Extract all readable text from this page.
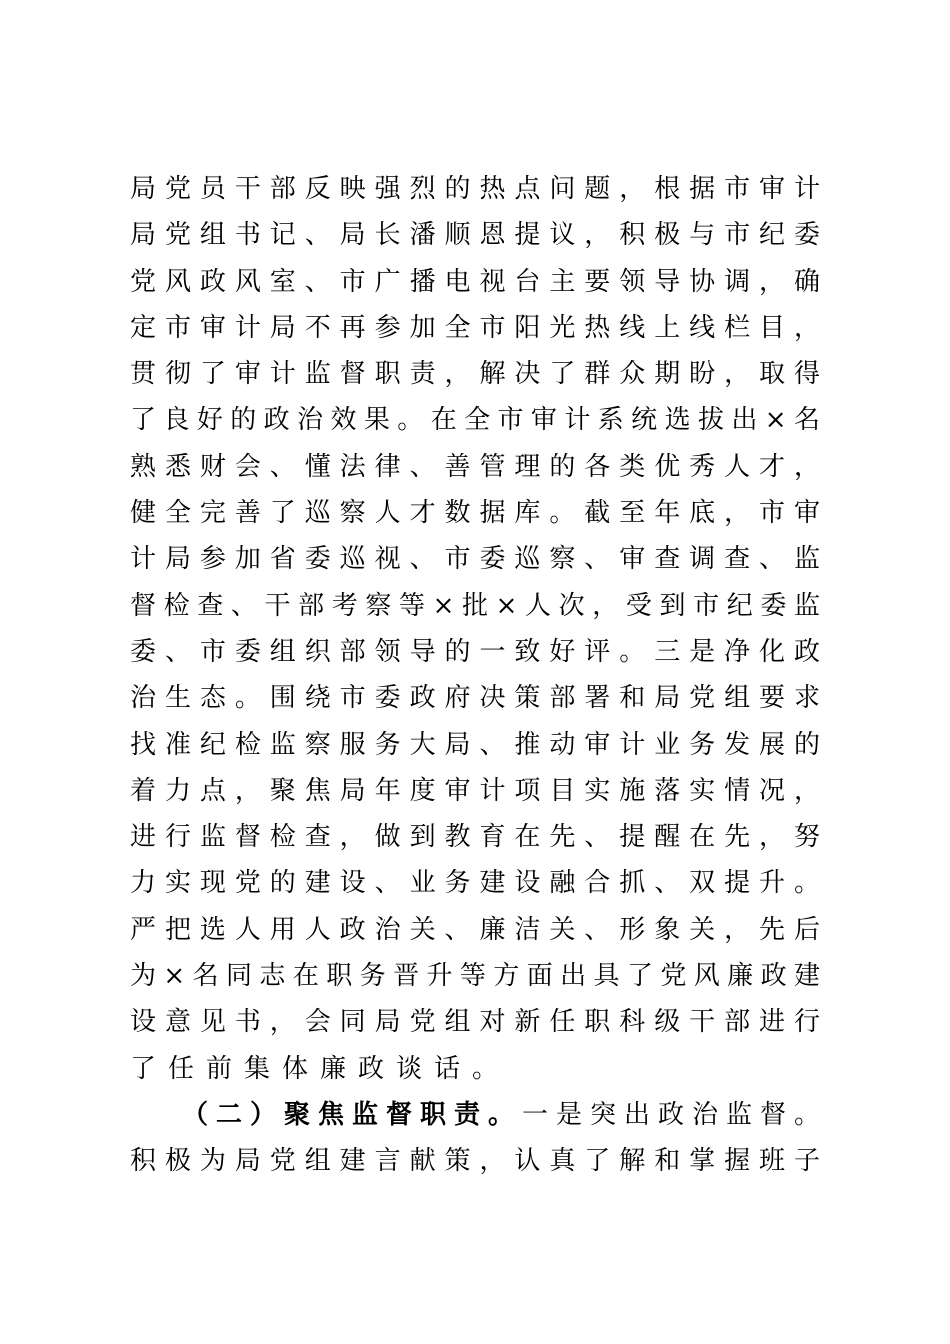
局党员干部反映强烈的热点问题，根据市审计
局党组书记、局长潘顺恩提议，积极与市纪委
党风政风室、市广播电视台主要领导协调，确
定市审计局不再参加全市阳光热线上线栏目，
贯彻了审计监督职责，解决了群众期盼，取得
了良好的政治效果。在全市审计系统选拔出×名
熟悉财会、懂法律、善管理的各类优秀人才，
健全完善了巡察人才数据库。截至年底，市审
计局参加省委巡视、市委巡察、审查调查、监
督检查、干部考察等×批×人次，受到市纪委监
委、市委组织部领导的一致好评。三是净化政
治生态。围绕市委政府决策部署和局党组要求
找准纪检监察服务大局、推动审计业务发展的
着力点，聚焦局年度审计项目实施落实情况，
进行监督检查，做到教育在先、提醒在先，努
力实现党的建设、业务建设融合抓、双提升。
严把选人用人政治关、廉洁关、形象关，先后
为×名同志在职务晋升等方面出具了党风廉政建
设意见书，会同局党组对新任职科级干部进行
了任前集体廉政谈话。
（二）聚焦监督职责。一是突出政治监督。
积极为局党组建言献策，认真了解和掌握班子
